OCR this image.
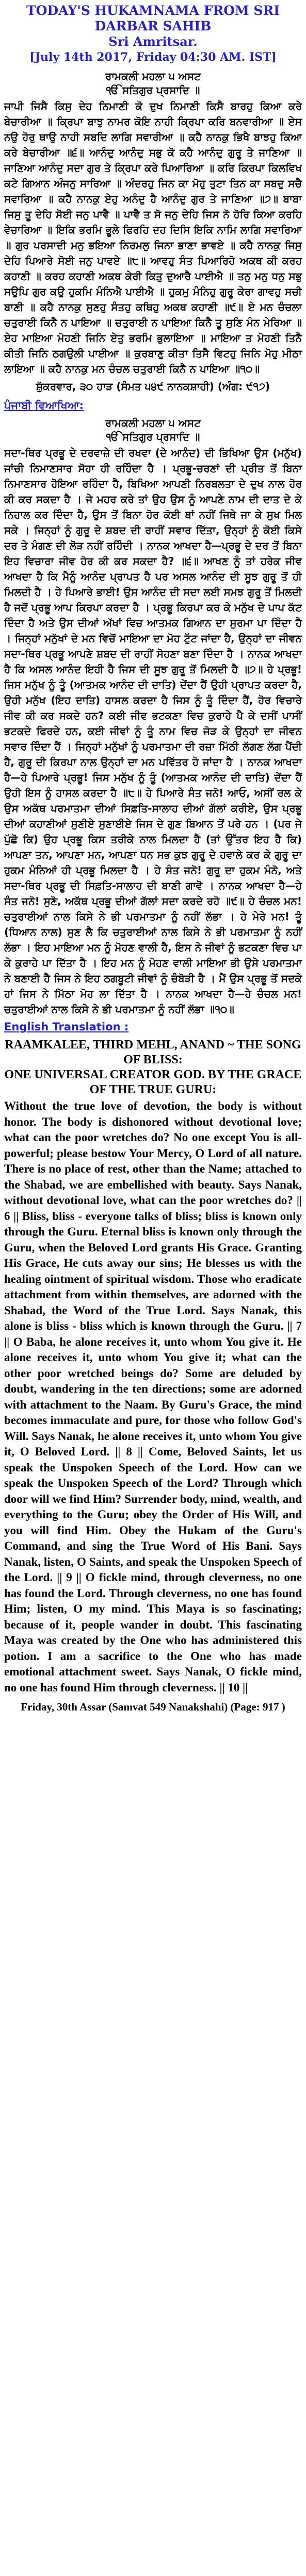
TODAY'S HUKAMNAMA FROM SRI DARBAR SAHIB
Sri Amritsar.
[July 14th 2017, Friday 04:30 AM. IST]
ਰਾਮਕਲੀ ਮਹਲਾ ੫ ਅਸਟ
ੴ ਸਤਿਗੁਰ ਪ੍ਰਸਾਦਿ ॥

ਜਾਪੀ ਜਿਸੈ ਕਿਸੁ ਦੇਹ ਨਿਮਾਣੀ ਕੋ ਦੁਖ ਨਿਮਾਣੀ ਕਿਸੈ ਬਾਰਹੁ ਕਿਆ ਕਰੇ ਬੇਚਾਰੀਆ ॥ ਕ੍ਰਿਪਾ ਬਾਝੁ ਨਾਮਰ ਕੋਇ ਨਾਹੀ ਕ੍ਰਿਪਾ ਕਰਿ ਬਨਵਾਰੀਆ ॥ ਏਸ ਨਉ ਹੋਰੁ ਥਾਉ ਨਾਹੀ ਸਬਦਿ ਲਾਗਿ ਸਵਾਰੀਆ ॥ ਕਹੈ ਨਾਨਕੁ ਭਿਖੈ ਬਾਝਹੁ ਕਿਆ ਕਰੇ ਬੇਚਾਰੀਆ ॥੬॥ ਆਨੰਦੁ ਆਨੰਦੁ ਸਭੁ ਕੋ ਕਹੈ ਆਨੰਦੁ ਗੁਰੂ ਤੇ ਜਾਣਿਆ ॥ ਜਾਣਿਆ ਆਨੰਦੁ ਸਦਾ ਗੁਰ ਤੇ ਕ੍ਰਿਪਾ ਕਰੇ ਪਿਆਰਿਆ ॥ ਕਰਿ ਕਿਰਪਾ ਕਿਲਵਿਖ ਕਟੇ ਗਿਆਨ ਅੰਜਨੁ ਸਾਰਿਆ ॥ ਅੰਦਰਹੁ ਜਿਨ ਕਾ ਮੋਹੁ ਤੁਟਾ ਤਿਨ ਕਾ ਸਬਦੁ ਸਚੈ ਸਵਾਰਿਆ ॥ ਕਹੈ ਨਾਨਕੁ ਏਹੁ ਅਨੰਦੁ ਹੈ ਆਨੰਦੁ ਗੁਰ ਤੇ ਜਾਣਿਆ ॥੭॥ ਬਾਬਾ ਜਿਸੁ ਤੂ ਦੇਹਿ ਸੋਈ ਜਨੁ ਪਾਵੈ ॥ ਪਾਵੈ ਤ ਸੋ ਜਨੁ ਦੇਹਿ ਜਿਸ ਨੋ ਹੋਰਿ ਕਿਆ ਕਰਹਿ ਵੇਚਾਰਿਆ ॥ ਇਕਿ ਭਰਮਿ ਭੂਲੇ ਫਿਰਹਿ ਦਹ ਦਿਸਿ ਇਕਿ ਨਾਮਿ ਲਾਗਿ ਸਵਾਰਿਆ ॥ ਗੁਰ ਪਰਸਾਦੀ ਮਨੁ ਭਇਆ ਨਿਰਮਲੁ ਜਿਨਾ ਭਾਣਾ ਭਾਵਏ ॥ ਕਹੈ ਨਾਨਕੁ ਜਿਸੁ ਦੇਹਿ ਪਿਆਰੇ ਸੋਈ ਜਨੁ ਪਾਵਏ ॥੮॥ ਆਵਹੁ ਸੰਤ ਪਿਆਰਿਹੋ ਅਕਥ ਕੀ ਕਰਹ ਕਹਾਣੀ ॥ ਕਰਹ ਕਹਾਣੀ ਅਕਥ ਕੇਰੀ ਕਿਤੁ ਦੁਆਰੈ ਪਾਈਐ ॥ ਤਨੁ ਮਨੁ ਧਨੁ ਸਭੁ ਸਉਪਿ ਗੁਰ ਕਉ ਹੁਕਮਿ ਮੰਨਿਐ ਪਾਈਐ ॥ ਹੁਕਮੁ ਮੰਨਿਹੁ ਗੁਰੂ ਕੇਰਾ ਗਾਵਹੁ ਸਚੀ ਬਾਣੀ ॥ ਕਹੈ ਨਾਨਕੁ ਸੁਣਹੁ ਸੰਤਹੁ ਕਥਿਹੁ ਅਕਥ ਕਹਾਣੀ ॥੯॥ ਏ ਮਨ ਚੰਚਲਾ ਚਤੁਰਾਈ ਕਿਨੈ ਨ ਪਾਇਆ ॥ ਚਤੁਰਾਈ ਨ ਪਾਇਆ ਕਿਨੈ ਤੂ ਸੁਣਿ ਮੰਨ ਮੇਰਿਆ ॥ ਏਹ ਮਾਇਆ ਮੋਹਣੀ ਜਿਨਿ ਏਤੁ ਭਰਮਿ ਭੁਲਾਇਆ ॥ ਮਾਇਆ ਤ ਮੋਹਣੀ ਤਿਨੈ ਕੀਤੀ ਜਿਨਿ ਠਗਉਲੀ ਪਾਈਆ ॥ ਕੁਰਬਾਣੁ ਕੀਤਾ ਤਿਸੈ ਵਿਟਹੁ ਜਿਨਿ ਮੋਹੁ ਮੀਠਾ ਲਾਇਆ ॥ ਕਹੈ ਨਾਨਕੁ ਮਨ ਚੰਚਲ ਚਤੁਰਾਈ ਕਿਨੈ ਨ ਪਾਇਆ ॥੧੦॥

ਸ਼ੁੱਕਰਵਾਰ, ੩੦ ਹਾੜ (ਸੰਮਤ ੫੪੯ ਨਾਨਕਸ਼ਾਹੀ) (ਅੰਗ: ੯੧੭)
ਪੰਜਾਬੀ ਵਿਆਖਿਆ:
ਰਾਮਕਲੀ ਮਹਲਾ ੫ ਅਸਟ
ੴ ਸਤਿਗੁਰ ਪ੍ਰਸਾਦਿ ॥

ਸਦਾ-ਥਿਰ ਪ੍ਰਭੂ ਦੇ ਦਰਵਾਜ਼ੇ ਦੀ ਰਖਵਾ (ਦੇ ਆਨੰਦ) ਦੀ ਭਿਖਿਆ ਉਸ (ਮਨੁੱਖ) ਜਾਂਚੀ ਨਿਮਾਣਸਾਰ ਸੋਹਾ ਹੀ ਰਹਿੰਦਾ ਹੈ । ਪ੍ਰਭੂ-ਚਰਣਾਂ ਦੀ ਪ੍ਰੀਤ ਤੋਂ ਬਿਨਾ ਨਿਮਾਣਸਾਰ ਹੋਇਆ ਰਹਿੰਦਾ ਹੈ, ਬਿਖਿਆ ਆਪਣੀ ਨਿਰਬਲਤਾ ਦੇ ਦੁਖ ਨਾਲ ਹੋਰ ਕੀ ਕਰ ਸਕਦਾ ਹੈ । ਜੇ ਮਹਰ ਕਰੇ ਤਾਂ ਉਹ ਉਸ ਨੂੰ ਆਪਣੇ ਨਾਮ ਦੀ ਦਾਤ ਦੇ ਕੇ ਨਿਹਾਲ ਕਰ ਦਿੰਦਾ ਹੈ, ਉਸ ਤੋਂ ਬਿਨਾ ਹੋਰ ਕੋਈ ਥਾਂ ਨਹੀਂ ਜਿਥੇ ਜਾ ਕੇ ਸੁਖ ਮਿਲ ਸਕੇ । ਜਿਨ੍ਹਾਂ ਨੂੰ ਗੁਰੂ ਦੇ ਸ਼ਬਦ ਦੀ ਰਾਹੀਂ ਸਵਾਰ ਦਿੱਤਾ, ਉਨ੍ਹਾਂ ਨੂੰ ਕੋਈ ਕਿਸੇ ਦਰ ਤੇ ਮੰਗਣ ਦੀ ਲੋੜ ਨਹੀਂ ਰਹਿੰਦੀ । ਨਾਨਕ ਆਖਦਾ ਹੈ—ਪ੍ਰਭੂ ਦੇ ਦਰ ਤੋਂ ਬਿਨਾ ਇਹ ਵਿਚਾਰਾ ਜੀਵ ਹੋਰ ਕੀ ਕਰ ਸਕਦਾ ਹੈ? ॥੬॥ ਆਖਣ ਨੂੰ ਤਾਂ ਹਰੇਕ ਜੀਵ ਆਖਦਾ ਹੈ ਕਿ ਮੈਨੂੰ ਆਨੰਦ ਪ੍ਰਾਪਤ ਹੈ ਪਰ ਅਸਲ ਆਨੰਦ ਦੀ ਸੂਝ ਗੁਰੂ ਤੋਂ ਹੀ ਮਿਲਦੀ ਹੈ । ਹੇ ਪਿਆਰੇ ਭਾਈ! ਉਸ ਆਨੰਦ ਦੀ ਸਦਾ ਲਈ ਸਮਝ ਗੁਰੂ ਤੋਂ ਮਿਲਦੀ ਹੈ ਜਦੋਂ ਪ੍ਰਭੂ ਆਪ ਕਿਰਪਾ ਕਰਦਾ ਹੈ । ਪ੍ਰਭੂ ਕਿਰਪਾ ਕਰ ਕੇ ਮਨੁੱਖ ਦੇ ਪਾਪ ਕੱਟ ਦਿੰਦਾ ਹੈ ਅਤੇ ਉਸ ਦੀਆਂ ਅੱਖਾਂ ਵਿਚ ਆਤਮਕ ਗਿਆਨ ਦਾ ਸੁਰਮਾ ਪਾ ਦਿੰਦਾ ਹੈ । ਜਿਨ੍ਹਾਂ ਮਨੁੱਖਾਂ ਦੇ ਮਨ ਵਿਚੋਂ ਮਾਇਆ ਦਾ ਮੋਹ ਟੁੱਟ ਜਾਂਦਾ ਹੈ, ਉਨ੍ਹਾਂ ਦਾ ਜੀਵਨ ਸਦਾ-ਥਿਰ ਪ੍ਰਭੂ ਆਪਣੇ ਸ਼ਬਦ ਦੀ ਰਾਹੀਂ ਸੋਹਣਾ ਬਣਾ ਦਿੰਦਾ ਹੈ । ਨਾਨਕ ਆਖਦਾ ਹੈ ਕਿ ਅਸਲ ਆਨੰਦ ਇਹੀ ਹੈ ਜਿਸ ਦੀ ਸੂਝ ਗੁਰੂ ਤੋਂ ਮਿਲਦੀ ਹੈ ॥੭॥ ਹੇ ਪ੍ਰਭੂ! ਜਿਸ ਮਨੁੱਖ ਨੂੰ ਤੂੰ (ਆਤਮਕ ਆਨੰਦ ਦੀ ਦਾਤਿ) ਦੇਂਦਾ ਹੈਂ ਉਹੀ ਪ੍ਰਾਪਤ ਕਰਦਾ ਹੈ, ਉਹੀ ਮਨੁੱਖ (ਇਹ ਦਾਤਿ) ਹਾਸਲ ਕਰਦਾ ਹੈ ਜਿਸ ਨੂੰ ਤੂੰ ਦਿੰਦਾ ਹੈਂ, ਹੋਰ ਵਿਚਾਰੇ ਜੀਵ ਕੀ ਕਰ ਸਕਦੇ ਹਨ? ਕਈ ਜੀਵ ਭਟਕਣਾ ਵਿਚ ਕੁਰਾਹੇ ਪੈ ਕੇ ਦਸੀਂ ਪਾਸੀਂ ਭਟਕਦੇ ਫਿਰਦੇ ਹਨ, ਕਈ ਜੀਵਾਂ ਨੂੰ ਤੂੰ ਨਾਮ ਵਿਚ ਜੋੜ ਕੇ ਉਨ੍ਹਾਂ ਦਾ ਜੀਵਨ ਸਵਾਰ ਦਿੰਦਾ ਹੈਂ । ਜਿਨ੍ਹਾਂ ਮਨੁੱਖਾਂ ਨੂੰ ਪਰਮਾਤਮਾ ਦੀ ਰਜ਼ਾ ਮਿੱਠੀ ਲੱਗਣ ਲੱਗ ਪੈਂਦੀ ਹੈ, ਗੁਰੂ ਦੀ ਕਿਰਪਾ ਨਾਲ ਉਨ੍ਹਾਂ ਦਾ ਮਨ ਪਵਿੱਤਰ ਹੋ ਜਾਂਦਾ ਹੈ । ਨਾਨਕ ਆਖਦਾ ਹੈ—ਹੇ ਪਿਆਰੇ ਪ੍ਰਭੂ! ਜਿਸ ਮਨੁੱਖ ਨੂੰ ਤੂੰ (ਆਤਮਕ ਆਨੰਦ ਦੀ ਦਾਤਿ) ਦੇਂਦਾ ਹੈਂ ਉਹੀ ਇਸ ਨੂੰ ਹਾਸਲ ਕਰਦਾ ਹੈ ॥੮॥ ਹੇ ਪਿਆਰੇ ਸੰਤ ਜਨੋ! ਆਓ, ਅਸੀਂ ਰਲ ਕੇ ਉਸ ਅਕੱਥ ਪਰਮਾਤਮਾ ਦੀਆਂ ਸਿਫ਼ਤਿ-ਸਾਲਾਹ ਦੀਆਂ ਗੱਲਾਂ ਕਰੀਏ, ਉਸ ਪ੍ਰਭੂ ਦੀਆਂ ਕਹਾਣੀਆਂ ਸੁਣੀਏ ਸੁਣਾਈਏ ਜਿਸ ਦੇ ਗੁਣ ਬਿਆਨ ਤੋਂ ਪਰੇ ਹਨ । (ਪਰ ਜੇ ਪੁੱਛੋ ਕਿ) ਉਹ ਪ੍ਰਭੂ ਕਿਸ ਤਰੀਕੇ ਨਾਲ ਮਿਲਦਾ ਹੈ (ਤਾਂ ਉੱਤਰ ਇਹ ਹੈ ਕਿ) ਆਪਣਾ ਤਨ, ਆਪਣਾ ਮਨ, ਆਪਣਾ ਧਨ ਸਭ ਕੁਝ ਗੁਰੂ ਦੇ ਹਵਾਲੇ ਕਰ ਕੇ ਗੁਰੂ ਦਾ ਹੁਕਮ ਮੰਨਿਆਂ ਹੀ ਪ੍ਰਭੂ ਮਿਲਦਾ ਹੈ । ਹੇ ਸੰਤ ਜਨੋ! ਗੁਰੂ ਦਾ ਹੁਕਮ ਮੰਨੋ, ਅਤੇ ਸਦਾ-ਥਿਰ ਪ੍ਰਭੂ ਦੀ ਸਿਫ਼ਤਿ-ਸਾਲਾਹ ਦੀ ਬਾਣੀ ਗਾਵੋ । ਨਾਨਕ ਆਖਦਾ ਹੈ—ਹੇ ਸੰਤ ਜਨੋ! ਸੁਣੋ, ਅਕੱਥ ਪ੍ਰਭੂ ਦੀਆਂ ਗੱਲਾਂ ਸਦਾ ਕਰਦੇ ਰਹੋ ॥੯॥ ਹੇ ਚੰਚਲ ਮਨ! ਚਤੁਰਾਈਆਂ ਨਾਲ ਕਿਸੇ ਨੇ ਭੀ ਪਰਮਾਤਮਾ ਨੂੰ ਨਹੀਂ ਲੱਭਾ । ਹੇ ਮੇਰੇ ਮਨ! ਤੂੰ (ਧਿਆਨ ਨਾਲ) ਸੁਣ ਲੈ ਕਿ ਚਤੁਰਾਈਆਂ ਨਾਲ ਕਿਸੇ ਨੇ ਭੀ ਪਰਮਾਤਮਾ ਨੂੰ ਨਹੀਂ ਲੱਭਾ । ਇਹ ਮਾਇਆ ਮਨ ਨੂੰ ਮੋਹਣ ਵਾਲੀ ਹੈ, ਇਸ ਨੇ ਜੀਵਾਂ ਨੂੰ ਭਟਕਣਾ ਵਿਚ ਪਾ ਕੇ ਕੁਰਾਹੇ ਪਾ ਦਿੱਤਾ ਹੈ । ਇਹ ਮਨ ਨੂੰ ਮੋਹਣ ਵਾਲੀ ਮਾਇਆ ਭੀ ਉਸੇ ਪਰਮਾਤਮਾ ਨੇ ਬਣਾਈ ਹੈ ਜਿਸ ਨੇ ਇਹ ਠਗਬੂਟੀ ਜੀਵਾਂ ਨੂੰ ਚੰਬੋੜੀ ਹੈ । ਮੈਂ ਉਸ ਪ੍ਰਭੂ ਤੋਂ ਸਦਕੇ ਹਾਂ ਜਿਸ ਨੇ ਮਿੱਠਾ ਮੋਹ ਲਾ ਦਿੱਤਾ ਹੈ । ਨਾਨਕ ਆਖਦਾ ਹੈ—ਹੇ ਚੰਚਲ ਮਨ! ਚਤੁਰਾਈਆਂ ਨਾਲ ਕਿਸੇ ਨੇ ਭੀ ਪਰਮਾਤਮਾ ਨੂੰ ਨਹੀਂ ਲੱਭਾ ॥੧੦॥

English Translation :
RAAMKALEE, THIRD MEHL, ANAND ~ THE SONG OF BLISS:
ONE UNIVERSAL CREATOR GOD. BY THE GRACE OF THE TRUE GURU:

Without the true love of devotion, the body is without honor. The body is dishonored without devotional love; what can the poor wretches do? No one except You is all-powerful; please bestow Your Mercy, O Lord of all nature. There is no place of rest, other than the Name; attached to the Shabad, we are embellished with beauty. Says Nanak, without devotional love, what can the poor wretches do? || 6 || Bliss, bliss - everyone talks of bliss; bliss is known only through the Guru. Eternal bliss is known only through the Guru, when the Beloved Lord grants His Grace. Granting His Grace, He cuts away our sins; He blesses us with the healing ointment of spiritual wisdom. Those who eradicate attachment from within themselves, are adorned with the Shabad, the Word of the True Lord. Says Nanak, this alone is bliss - bliss which is known through the Guru. || 7 || O Baba, he alone receives it, unto whom You give it. He alone receives it, unto whom You give it; what can the other poor wretched beings do? Some are deluded by doubt, wandering in the ten directions; some are adorned with attachment to the Naam. By Guru's Grace, the mind becomes immaculate and pure, for those who follow God's Will. Says Nanak, he alone receives it, unto whom You give it, O Beloved Lord. || 8 || Come, Beloved Saints, let us speak the Unspoken Speech of the Lord. How can we speak the Unspoken Speech of the Lord? Through which door will we find Him? Surrender body, mind, wealth, and everything to the Guru; obey the Order of His Will, and you will find Him. Obey the Hukam of the Guru's Command, and sing the True Word of His Bani. Says Nanak, listen, O Saints, and speak the Unspoken Speech of the Lord. || 9 || O fickle mind, through cleverness, no one has found the Lord. Through cleverness, no one has found Him; listen, O my mind. This Maya is so fascinating; because of it, people wander in doubt. This fascinating Maya was created by the One who has administered this potion. I am a sacrifice to the One who has made emotional attachment sweet. Says Nanak, O fickle mind, no one has found Him through cleverness. || 10 ||

Friday, 30th Assar (Samvat 549 Nanakshahi) (Page: 917 )
